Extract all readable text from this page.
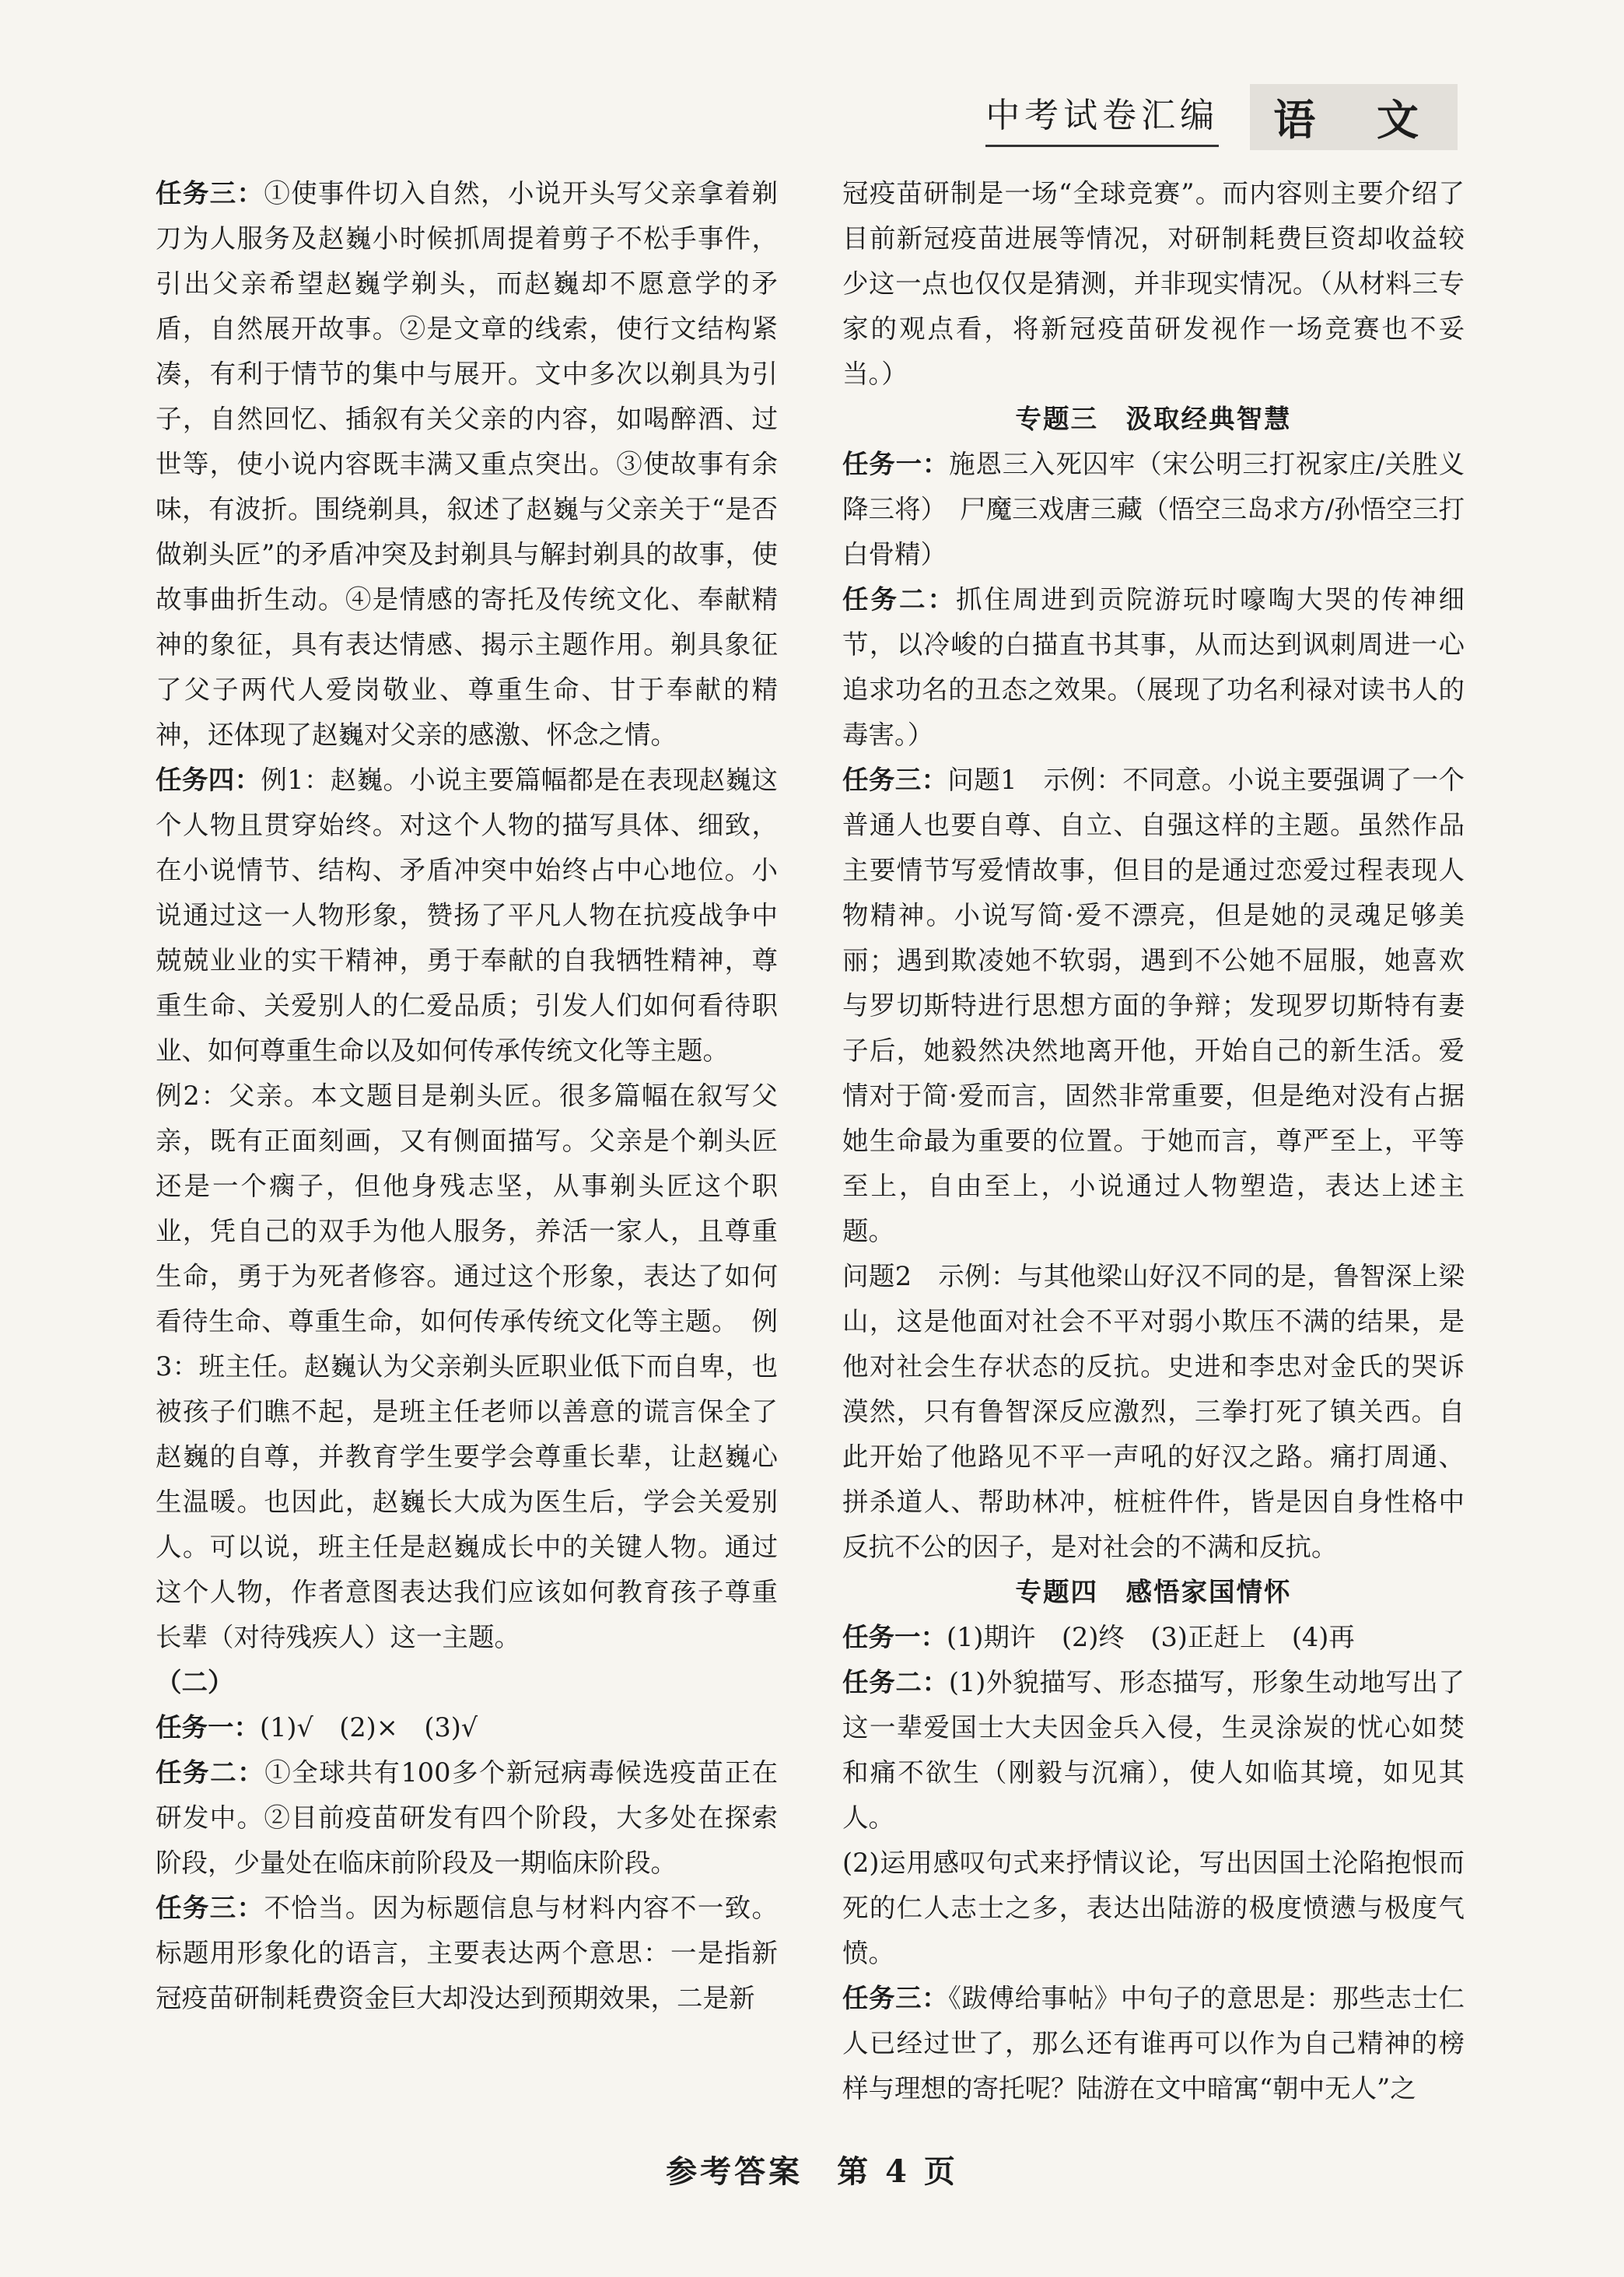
中考试卷汇编	语 文

任务三：①使事件切入自然，小说开头写父亲拿着剃刀为人服务及赵巍小时候抓周提着剪子不松手事件，引出父亲希望赵巍学剃头，而赵巍却不愿意学的矛盾，自然展开故事。②是文章的线索，使行文结构紧凑，有利于情节的集中与展开。文中多次以剃具为引子，自然回忆、插叙有关父亲的内容，如喝醉酒、过世等，使小说内容既丰满又重点突出。③使故事有余味，有波折。围绕剃具，叙述了赵巍与父亲关于“是否做剃头匠”的矛盾冲突及封剃具与解封剃具的故事，使故事曲折生动。④是情感的寄托及传统文化、奉献精神的象征，具有表达情感、揭示主题作用。剃具象征了父子两代人爱岗敬业、尊重生命、甘于奉献的精神，还体现了赵巍对父亲的感激、怀念之情。

任务四：例1：赵巍。小说主要篇幅都是在表现赵巍这个人物且贯穿始终。对这个人物的描写具体、细致，在小说情节、结构、矛盾冲突中始终占中心地位。小说通过这一人物形象，赞扬了平凡人物在抗疫战争中兢兢业业的实干精神，勇于奉献的自我牺牲精神，尊重生命、关爱别人的仁爱品质；引发人们如何看待职业、如何尊重生命以及如何传承传统文化等主题。

例2：父亲。本文题目是剃头匠。很多篇幅在叙写父亲，既有正面刻画，又有侧面描写。父亲是个剃头匠还是一个瘸子，但他身残志坚，从事剃头匠这个职业，凭自己的双手为他人服务，养活一家人，且尊重生命，勇于为死者修容。通过这个形象，表达了如何看待生命、尊重生命，如何传承传统文化等主题。　例3：班主任。赵巍认为父亲剃头匠职业低下而自卑，也被孩子们瞧不起，是班主任老师以善意的谎言保全了赵巍的自尊，并教育学生要学会尊重长辈，让赵巍心生温暖。也因此，赵巍长大成为医生后，学会关爱别人。可以说，班主任是赵巍成长中的关键人物。通过这个人物，作者意图表达我们应该如何教育孩子尊重长辈（对待残疾人）这一主题。

（二）

任务一：(1)√　(2)×　(3)√

任务二：①全球共有100多个新冠病毒候选疫苗正在研发中。②目前疫苗研发有四个阶段，大多处在探索阶段，少量处在临床前阶段及一期临床阶段。

任务三：不恰当。因为标题信息与材料内容不一致。标题用形象化的语言，主要表达两个意思：一是指新冠疫苗研制耗费资金巨大却没达到预期效果，二是新

冠疫苗研制是一场“全球竞赛”。而内容则主要介绍了目前新冠疫苗进展等情况，对研制耗费巨资却收益较少这一点也仅仅是猜测，并非现实情况。（从材料三专家的观点看，将新冠疫苗研发视作一场竞赛也不妥当。）

专题三　汲取经典智慧

任务一：施恩三入死囚牢（宋公明三打祝家庄/关胜义降三将）　尸魔三戏唐三藏（悟空三岛求方/孙悟空三打白骨精）

任务二：抓住周进到贡院游玩时嚎啕大哭的传神细节，以冷峻的白描直书其事，从而达到讽刺周进一心追求功名的丑态之效果。（展现了功名利禄对读书人的毒害。）

任务三：问题1　示例：不同意。小说主要强调了一个普通人也要自尊、自立、自强这样的主题。虽然作品主要情节写爱情故事，但目的是通过恋爱过程表现人物精神。小说写简·爱不漂亮，但是她的灵魂足够美丽；遇到欺凌她不软弱，遇到不公她不屈服，她喜欢与罗切斯特进行思想方面的争辩；发现罗切斯特有妻子后，她毅然决然地离开他，开始自己的新生活。爱情对于简·爱而言，固然非常重要，但是绝对没有占据她生命最为重要的位置。于她而言，尊严至上，平等至上，自由至上，小说通过人物塑造，表达上述主题。

问题2　示例：与其他梁山好汉不同的是，鲁智深上梁山，这是他面对社会不平对弱小欺压不满的结果，是他对社会生存状态的反抗。史进和李忠对金氏的哭诉漠然，只有鲁智深反应激烈，三拳打死了镇关西。自此开始了他路见不平一声吼的好汉之路。痛打周通、拼杀道人、帮助林冲，桩桩件件，皆是因自身性格中反抗不公的因子，是对社会的不满和反抗。

专题四　感悟家国情怀

任务一：(1)期许　(2)终　(3)正赶上　(4)再

任务二：(1)外貌描写、形态描写，形象生动地写出了这一辈爱国士大夫因金兵入侵，生灵涂炭的忧心如焚和痛不欲生（刚毅与沉痛），使人如临其境，如见其人。

(2)运用感叹句式来抒情议论，写出因国土沦陷抱恨而死的仁人志士之多，表达出陆游的极度愤懑与极度气愤。

任务三：《跋傅给事帖》中句子的意思是：那些志士仁人已经过世了，那么还有谁再可以作为自己精神的榜样与理想的寄托呢？陆游在文中暗寓“朝中无人”之

参考答案　第 4 页
